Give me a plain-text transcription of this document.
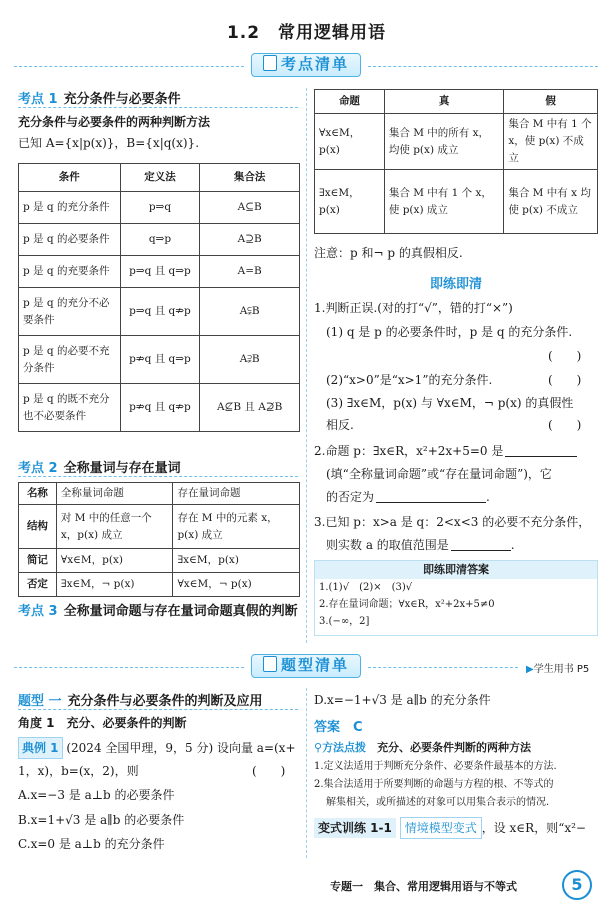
1.2　常用逻辑用语
考点清单
考点 1 充分条件与必要条件
充分条件与必要条件的两种判断方法
已知 A={x|p(x)}，B={x|q(x)}.
条件	定义法	集合法
p 是 q 的充分条件	p⇒q	A⊆B
p 是 q 的必要条件	q⇒p	A⊇B
p 是 q 的充要条件	p⇒q 且 q⇒p	A=B
p 是 q 的充分不必要条件	p⇒q 且 q⇏p	A⫋B
p 是 q 的必要不充分条件	p⇏q 且 q⇒p	A⫌B
p 是 q 的既不充分也不必要条件	p⇏q 且 q⇏p	A⊈B 且 A⊉B
考点 2 全称量词与存在量词
名称	全称量词命题	存在量词命题
结构	对 M 中的任意一个 x，p(x) 成立	存在 M 中的元素 x，p(x) 成立
简记	∀x∈M，p(x)	∃x∈M，p(x)
否定	∃x∈M，¬ p(x)	∀x∈M，¬ p(x)
考点 3 全称量词命题与存在量词命题真假的判断
命题	真	假
∀x∈M，p(x)	集合 M 中的所有 x，均使 p(x) 成立	集合 M 中有 1 个 x，使 p(x) 不成立
∃x∈M，p(x)	集合 M 中有 1 个 x，使 p(x) 成立	集合 M 中有 x 均使 p(x) 不成立
注意：p 和¬ p 的真假相反.
即练即清
1.判断正误.(对的打“√”，错的打“×”)
(1) q 是 p 的必要条件时，p 是 q 的充分条件.
(　　)
(2)“x>0”是“x>1”的充分条件.	(　　)
(3) ∃x∈M，p(x) 与 ∀x∈M，¬ p(x) 的真假性
相反.	(　　)
2.命题 p：∃x∈R，x²+2x+5=0 是
(填“全称量词命题”或“存在量词命题”)，它
的否定为	.
3.已知 p：x>a 是 q：2<x<3 的必要不充分条件，
则实数 a 的取值范围是	.
即练即清答案
1.(1)√　(2)×　(3)√
2.存在量词命题；∀x∈R，x²+2x+5≠0
3.(−∞，2]
题型清单	▶学生用书 P5
题型 一 充分条件与必要条件的判断及应用
角度 1　充分、必要条件的判断
典例 1 (2024 全国甲理，9，5 分) 设向量 a=(x+
1，x)，b=(x，2)，则	(　　)
A.x=−3 是 a⊥b 的必要条件
B.x=1+√3 是 a∥b 的必要条件
C.x=0 是 a⊥b 的充分条件
D.x=−1+√3 是 a∥b 的充分条件
答案　 C
⚲方法点拨　 充分、必要条件判断的两种方法
1.定义法适用于判断充分条件、必要条件最基本的方法.
2.集合法适用于所要判断的命题与方程的根、不等式的
解集相关，或所描述的对象可以用集合表示的情况.
变式训练 1-1 情境模型变式 ，设 x∈R，则“x²−
专题一　集合、常用逻辑用语与不等式	5
